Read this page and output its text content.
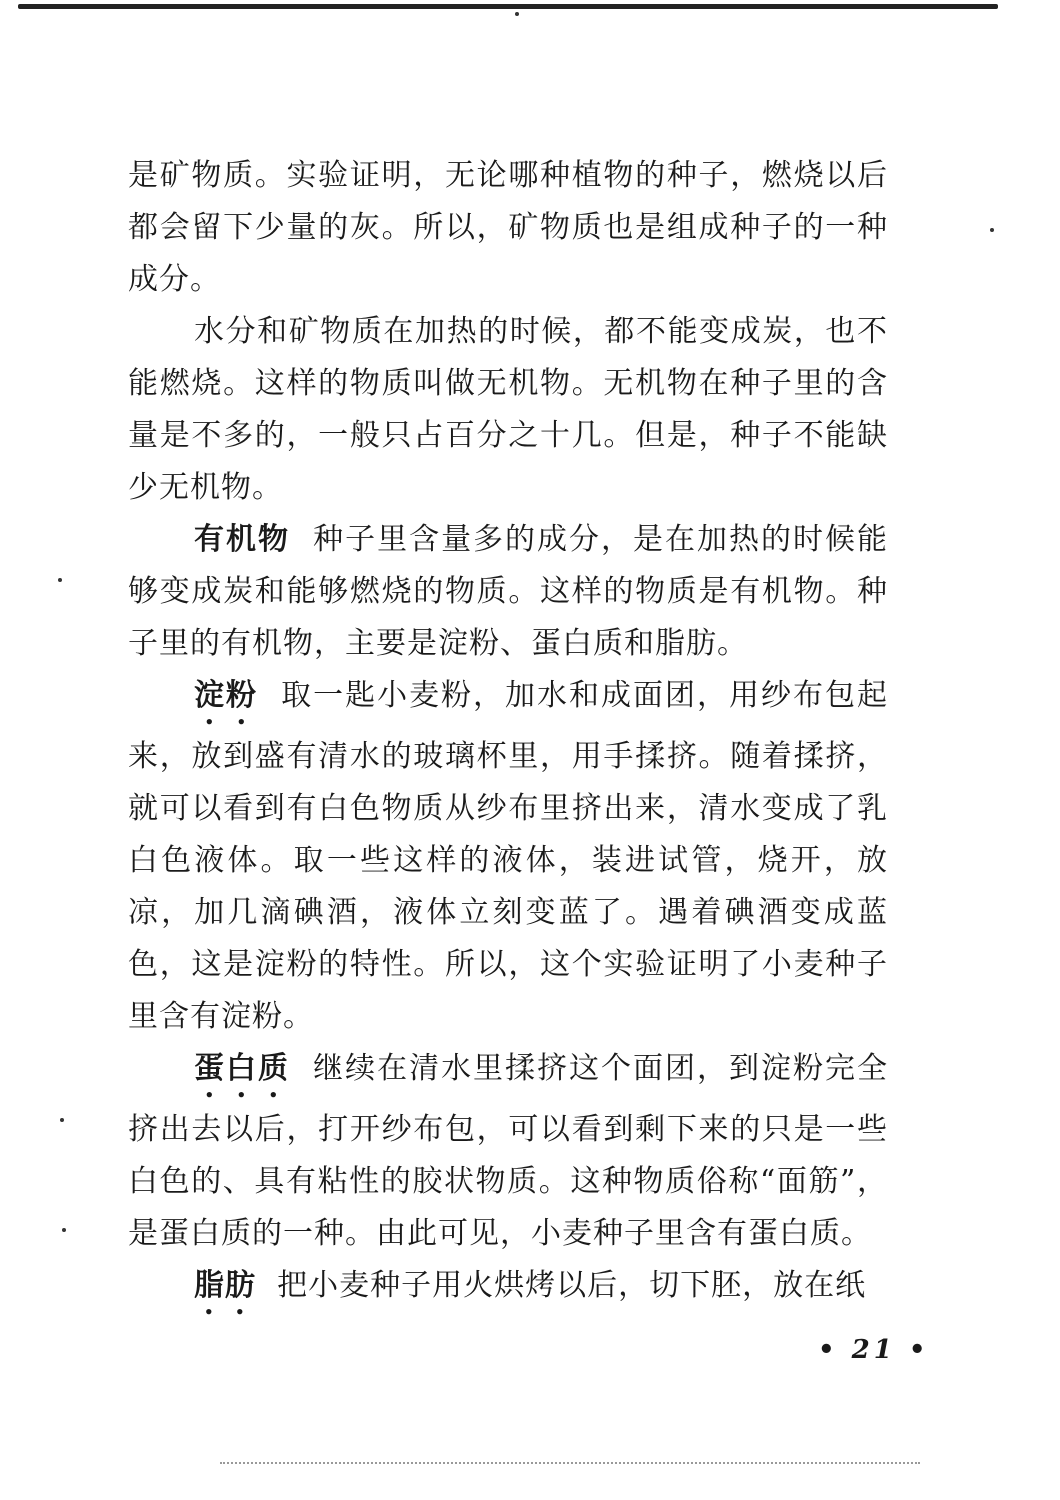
是矿物质。实验证明，无论哪种植物的种子，燃烧以后都会留下少量的灰。所以，矿物质也是组成种子的一种成分。

水分和矿物质在加热的时候，都不能变成炭，也不能燃烧。这样的物质叫做无机物。无机物在种子里的含量是不多的，一般只占百分之十几。但是，种子不能缺少无机物。

有机物 种子里含量多的成分，是在加热的时候能够变成炭和能够燃烧的物质。这样的物质是有机物。种子里的有机物，主要是淀粉、蛋白质和脂肪。

淀粉 取一匙小麦粉，加水和成面团，用纱布包起来，放到盛有清水的玻璃杯里，用手揉挤。随着揉挤，就可以看到有白色物质从纱布里挤出来，清水变成了乳白色液体。取一些这样的液体，装进试管，烧开，放凉，加几滴碘酒，液体立刻变蓝了。遇着碘酒变成蓝色，这是淀粉的特性。所以，这个实验证明了小麦种子里含有淀粉。

蛋白质 继续在清水里揉挤这个面团，到淀粉完全挤出去以后，打开纱布包，可以看到剩下来的只是一些白色的、具有粘性的胶状物质。这种物质俗称“面筋”，是蛋白质的一种。由此可见，小麦种子里含有蛋白质。

脂肪 把小麦种子用火烘烤以后，切下胚，放在纸

• 21 •
